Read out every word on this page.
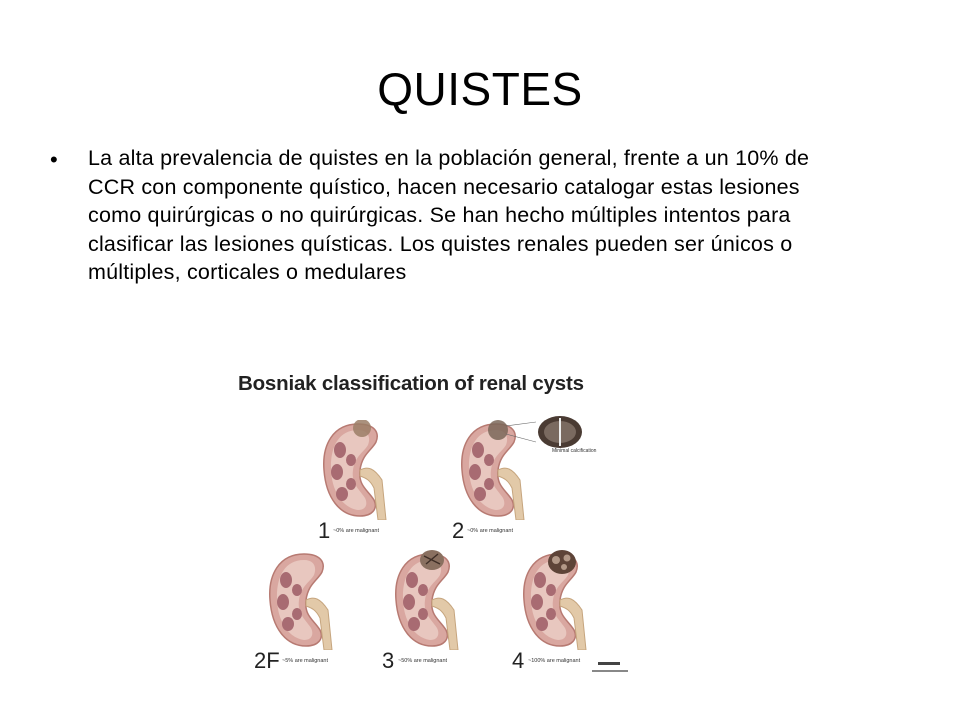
QUISTES
• La alta prevalencia de quistes en la población general, frente a un 10% de CCR con componente quístico, hacen necesario catalogar estas lesiones como quirúrgicas o no quirúrgicas. Se han hecho múltiples intentos para clasificar las lesiones quísticas. Los quistes renales pueden ser únicos o múltiples, corticales o medulares
Bosniak classification of renal cysts
1 ~0% are malignant
Minimal calcification
2 ~0% are malignant
2F ~5% are malignant 3 ~50% are malignant	4 ~100% are malignant
